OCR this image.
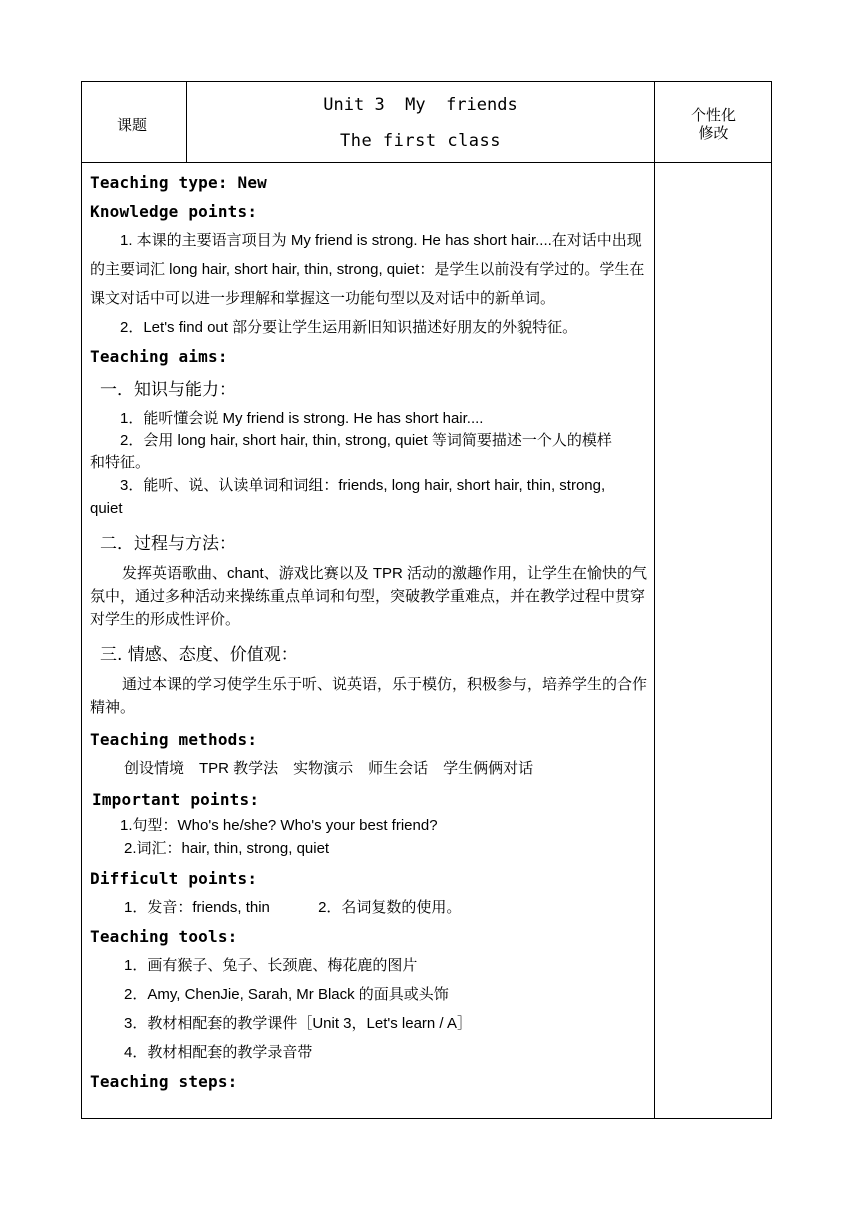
课题
Unit 3  My  friends
The first class
个性化
修改
Teaching type: New
Knowledge points:
1. 本课的主要语言项目为 My friend is strong. He has short hair....在对话中出现的主要词汇 long hair, short hair, thin, strong, quiet：是学生以前没有学过的。学生在课文对话中可以进一步理解和掌握这一功能句型以及对话中的新单词。
2．Let's find out 部分要让学生运用新旧知识描述好朋友的外貌特征。
Teaching aims:
一．知识与能力：
1．能听懂会说 My friend is strong. He has short hair....
2．会用 long hair, short hair, thin, strong, quiet 等词简要描述一个人的模样和特征。
3．能听、说、认读单词和词组：friends, long hair, short hair, thin, strong, quiet
二．过程与方法：
发挥英语歌曲、chant、游戏比赛以及 TPR 活动的激趣作用，让学生在愉快的气氛中，通过多种活动来操练重点单词和句型，突破教学重难点，并在教学过程中贯穿对学生的形成性评价。
三. 情感、态度、价值观：
通过本课的学习使学生乐于听、说英语，乐于模仿，积极参与，培养学生的合作精神。
Teaching methods:
创设情境　TPR 教学法　实物演示　师生会话　学生俩俩对话
Important points:
1.句型：Who's he/she? Who's your best friend?
2.词汇：hair, thin, strong, quiet
Difficult points:
1．发音：friends, thin	2．名词复数的使用。
Teaching tools:
1．画有猴子、兔子、长颈鹿、梅花鹿的图片
2．Amy, ChenJie, Sarah, Mr Black 的面具或头饰
3．教材相配套的教学课件［Unit 3，Let's learn / A］
4．教材相配套的教学录音带
Teaching steps:
